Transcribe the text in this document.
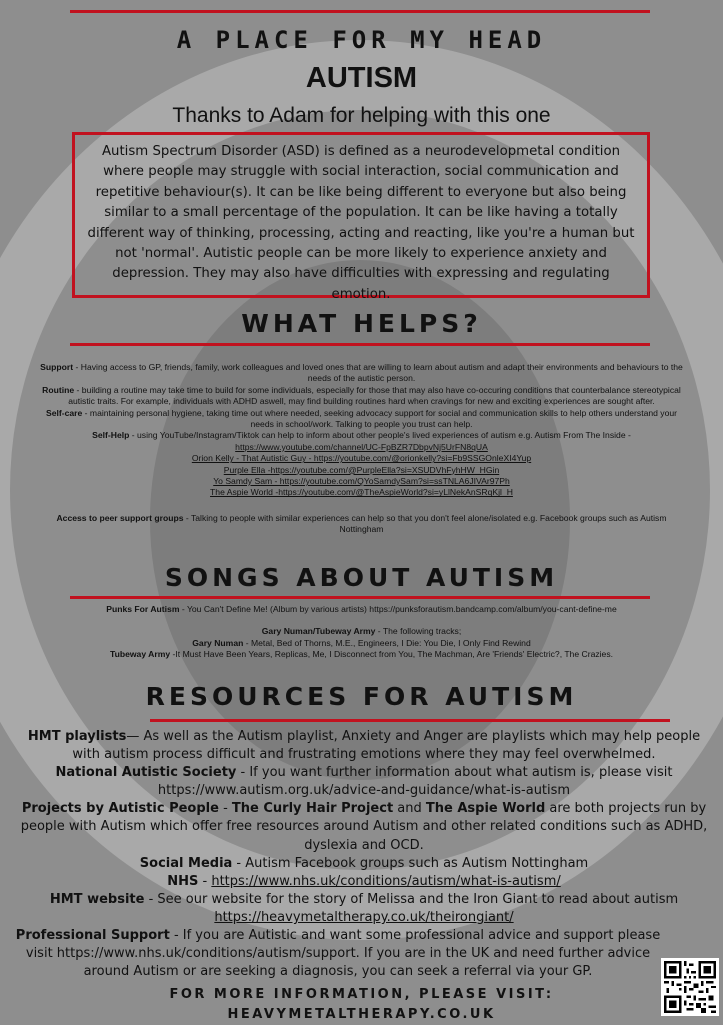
A PLACE FOR MY HEAD
AUTISM
Thanks to Adam for helping with this one
Autism Spectrum Disorder (ASD) is defined as a neurodevelopmetal condition where people may struggle with social interaction, social communication and repetitive behaviour(s). It can be like being different to everyone but also being similar to a small percentage of the population. It can be like having a totally different way of thinking, processing, acting and reacting, like you're a human but not 'normal'. Autistic people can be more likely to experience anxiety and depression. They may also have difficulties with expressing and regulating emotion.
WHAT HELPS?

Support - Having access to GP, friends, family, work colleagues and loved ones that are willing to learn about autism and adapt their environments and behaviours to the needs of the autistic person.

Routine - building a routine may take time to build for some individuals, especially for those that may also have co-occuring conditions that counterbalance stereotypical autistic traits. For example, individuals with ADHD aswell, may find building routines hard when cravings for new and exciting experiences are sought after.

Self-care - maintaining personal hygiene, taking time out where needed, seeking advocacy support for social and communication skills to help others understand your needs in school/work. Talking to people you trust can help.

Self-Help - using YouTube/Instagram/Tiktok can help to inform about other people's lived experiences of autism e.g. Autism From The Inside -

https://www.youtube.com/channel/UC-FpBZR7DbpvNj5UrFN8qUA

Orion Kelly - That Autistic Guy - https://youtube.com/@orionkelly?si=Fb9SSGOnleXI4Yup

Purple Ella -https://youtube.com/@PurpleElla?si=XSUDVhFyhHW_HGin

Yo Samdy Sam - https://youtube.com/QYoSamdySam?si=ssTNLA6JIVAr97Ph

The Aspie World -https://youtube.com/@TheAspieWorld?si=yLlNekAnSRqKjl_H

Access to peer support groups - Talking to people with similar experiences can help so that you don't feel alone/isolated e.g. Facebook groups such as Autism Nottingham

SONGS ABOUT AUTISM

Punks For Autism - You Can't Define Me! (Album by various artists) https://punksforautism.bandcamp.com/album/you-cant-define-me

Gary Numan/Tubeway Army - The following tracks;

Gary Numan - Metal, Bed of Thorns, M.E., Engineers, I Die: You Die, I Only Find Rewind

Tubeway Army -It Must Have Been Years, Replicas, Me, I Disconnect from You, The Machman, Are 'Friends' Electric?, The Crazies.

RESOURCES FOR AUTISM

HMT playlists— As well as the Autism playlist, Anxiety and Anger are playlists which may help people with autism process difficult and frustrating emotions where they may feel overwhelmed.

National Autistic Society - If you want further information about what autism is, please visit https://www.autism.org.uk/advice-and-guidance/what-is-autism

Projects by Autistic People - The Curly Hair Project and The Aspie World are both projects run by people with Autism which offer free resources around Autism and other related conditions such as ADHD, dyslexia and OCD.

Social Media - Autism Facebook groups such as Autism Nottingham

NHS - https://www.nhs.uk/conditions/autism/what-is-autism/

HMT website - See our website for the story of Melissa and the Iron Giant to read about autism

https://heavymetaltherapy.co.uk/theirongiant/

Professional Support - If you are Autistic and want some professional advice and support please visit https://www.nhs.uk/conditions/autism/support. If you are in the UK and need further advice around Autism or are seeking a diagnosis, you can seek a referral via your GP.

FOR MORE INFORMATION, PLEASE VISIT:
HEAVYMETALTHERAPY.CO.UK
